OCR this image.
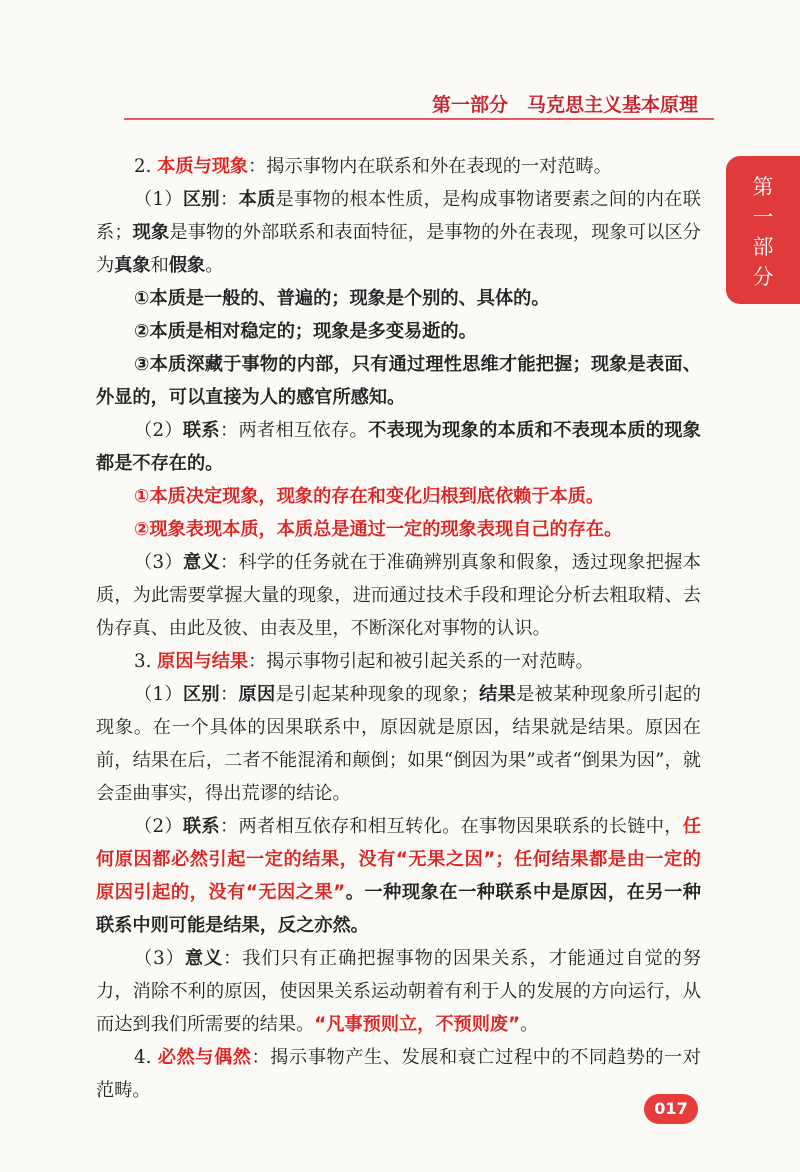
第一部分　马克思主义基本原理
第
一
部
分

2. 本质与现象：揭示事物内在联系和外在表现的一对范畴。

（1）区别：本质是事物的根本性质，是构成事物诸要素之间的内在联系；现象是事物的外部联系和表面特征，是事物的外在表现，现象可以区分为真象和假象。

①本质是一般的、普遍的；现象是个别的、具体的。

②本质是相对稳定的；现象是多变易逝的。

③本质深藏于事物的内部，只有通过理性思维才能把握；现象是表面、外显的，可以直接为人的感官所感知。

（2）联系：两者相互依存。不表现为现象的本质和不表现本质的现象都是不存在的。

①本质决定现象，现象的存在和变化归根到底依赖于本质。

②现象表现本质，本质总是通过一定的现象表现自己的存在。

（3）意义：科学的任务就在于准确辨别真象和假象，透过现象把握本质，为此需要掌握大量的现象，进而通过技术手段和理论分析去粗取精、去伪存真、由此及彼、由表及里，不断深化对事物的认识。

3. 原因与结果：揭示事物引起和被引起关系的一对范畴。

（1）区别：原因是引起某种现象的现象；结果是被某种现象所引起的现象。在一个具体的因果联系中，原因就是原因，结果就是结果。原因在前，结果在后，二者不能混淆和颠倒；如果“倒因为果”或者“倒果为因”，就会歪曲事实，得出荒谬的结论。

（2）联系：两者相互依存和相互转化。在事物因果联系的长链中，任何原因都必然引起一定的结果，没有“无果之因”；任何结果都是由一定的原因引起的，没有“无因之果”。一种现象在一种联系中是原因，在另一种联系中则可能是结果，反之亦然。

（3）意义：我们只有正确把握事物的因果关系，才能通过自觉的努力，消除不利的原因，使因果关系运动朝着有利于人的发展的方向运行，从而达到我们所需要的结果。“凡事预则立，不预则废”。

4. 必然与偶然：揭示事物产生、发展和衰亡过程中的不同趋势的一对范畴。

017
